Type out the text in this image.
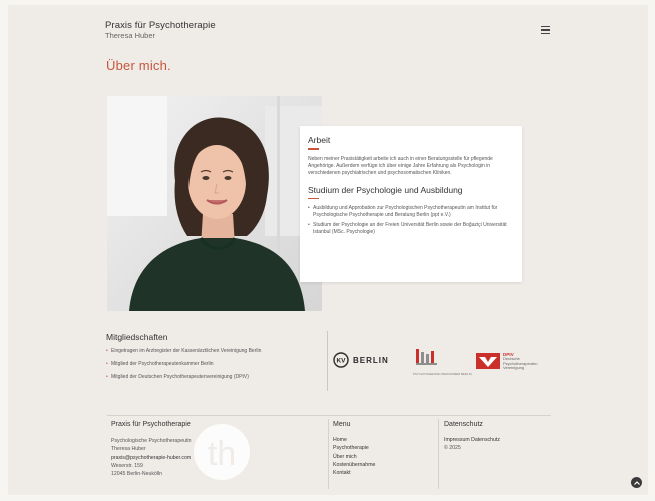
Praxis für Psychotherapie
Theresa Huber
Über mich.
Arbeit

Neben meiner Praxistätigkeit arbeite ich auch in einer Beratungsstelle für pflegende Angehörige. Außerdem verfüge ich über einige Jahre Erfahrung als Psychologin in verschiedenen psychiatrischen und psychosomatischen Kliniken.

Studium der Psychologie und Ausbildung
• Ausbildung und Approbation zur Psychologischen Psychotherapeutin am Institut für Psychologische Psychotherapie und Beratung Berlin (ppt e.V.)
• Studium der Psychologie an der Freien Universität Berlin sowie der Boğaziçi Universität Istanbul (MSc. Psychologie)
Mitgliedschaften
• Eingetragen im Arztregister der Kassenärztlichen Vereinigung Berlin
• Mitglied der Psychotherapeutenkammer Berlin
• Mitglied der Deutschen Psychotherapeutenvereinigung (DPtV)
KV BERLIN
PSYCHOTHERAPEUTENKAMMER BERLIN
DPtV
Deutsche
Psychotherapeuten
Vereinigung
th
Praxis für Psychotherapie
Psychologische Psychotherapeutin
Theresa Huber
praxis@psychotherapie-huber.com
Weserstr. 159
12045 Berlin-Neukölln
Menu
Home
Psychotherapie
Über mich
Kostenübernahme
Kontakt
Datenschutz
Impressum Datenschutz
© 2025
